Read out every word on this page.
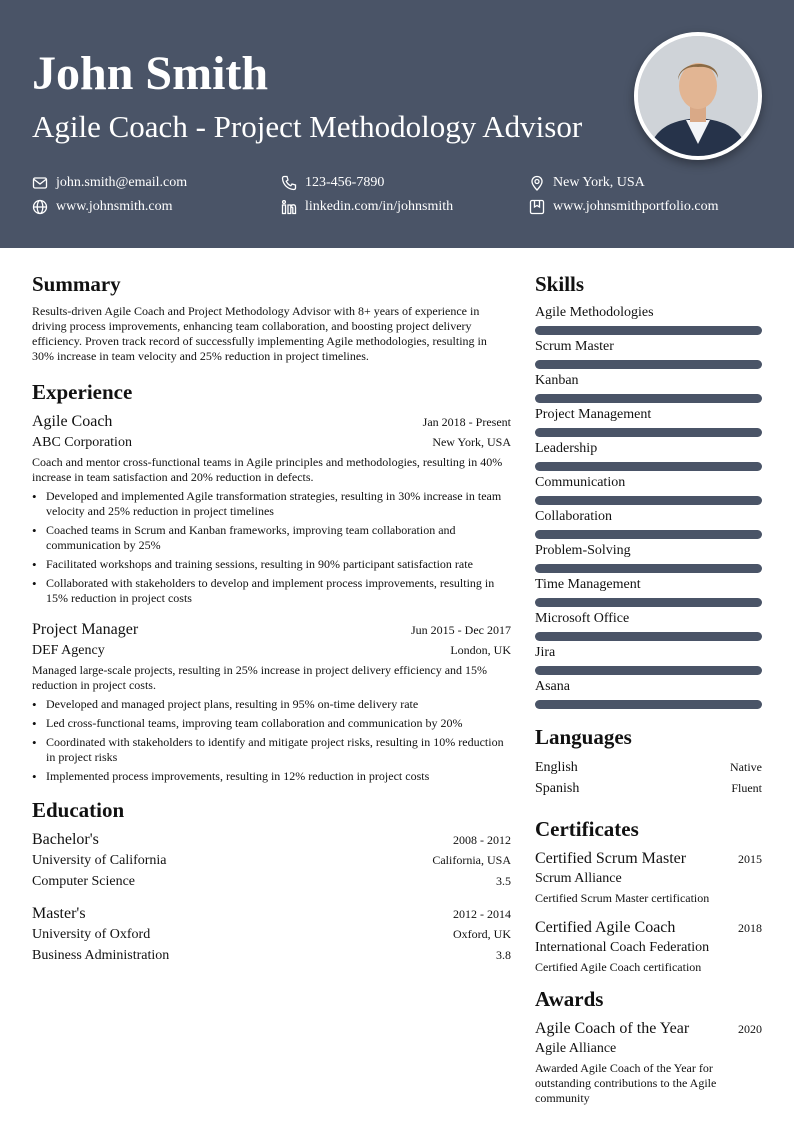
John Smith
Agile Coach - Project Methodology Advisor
john.smith@email.com	123-456-7890	New York, USA
www.johnsmith.com	linkedin.com/in/johnsmith	www.johnsmithportfolio.com
Summary

Results-driven Agile Coach and Project Methodology Advisor with 8+ years of experience in driving process improvements, enhancing team collaboration, and boosting project delivery efficiency. Proven track record of successfully implementing Agile methodologies, resulting in 30% increase in team velocity and 25% reduction in project timelines.

Experience
Agile Coach	Jan 2018 - Present
ABC Corporation	New York, USA

Coach and mentor cross-functional teams in Agile principles and methodologies, resulting in 40% increase in team satisfaction and 20% reduction in defects.

• Developed and implemented Agile transformation strategies, resulting in 30% increase in team velocity and 25% reduction in project timelines
• Coached teams in Scrum and Kanban frameworks, improving team collaboration and communication by 25%
• Facilitated workshops and training sessions, resulting in 90% participant satisfaction rate
• Collaborated with stakeholders to develop and implement process improvements, resulting in 15% reduction in project costs
Project Manager	Jun 2015 - Dec 2017
DEF Agency	London, UK

Managed large-scale projects, resulting in 25% increase in project delivery efficiency and 15% reduction in project costs.

• Developed and managed project plans, resulting in 95% on-time delivery rate
• Led cross-functional teams, improving team collaboration and communication by 20%
• Coordinated with stakeholders to identify and mitigate project risks, resulting in 10% reduction in project risks
• Implemented process improvements, resulting in 12% reduction in project costs
Education
Bachelor's	2008 - 2012
University of California	California, USA
Computer Science	3.5
Master's	2012 - 2014
University of Oxford	Oxford, UK
Business Administration	3.8
Skills
Agile Methodologies
Scrum Master
Kanban
Project Management
Leadership
Communication
Collaboration
Problem-Solving
Time Management
Microsoft Office
Jira
Asana
Languages
English	Native
Spanish	Fluent
Certificates
Certified Scrum Master	2015
Scrum Alliance
Certified Scrum Master certification
Certified Agile Coach	2018
International Coach Federation
Certified Agile Coach certification
Awards
Agile Coach of the Year	2020
Agile Alliance
Awarded Agile Coach of the Year for outstanding contributions to the Agile community
